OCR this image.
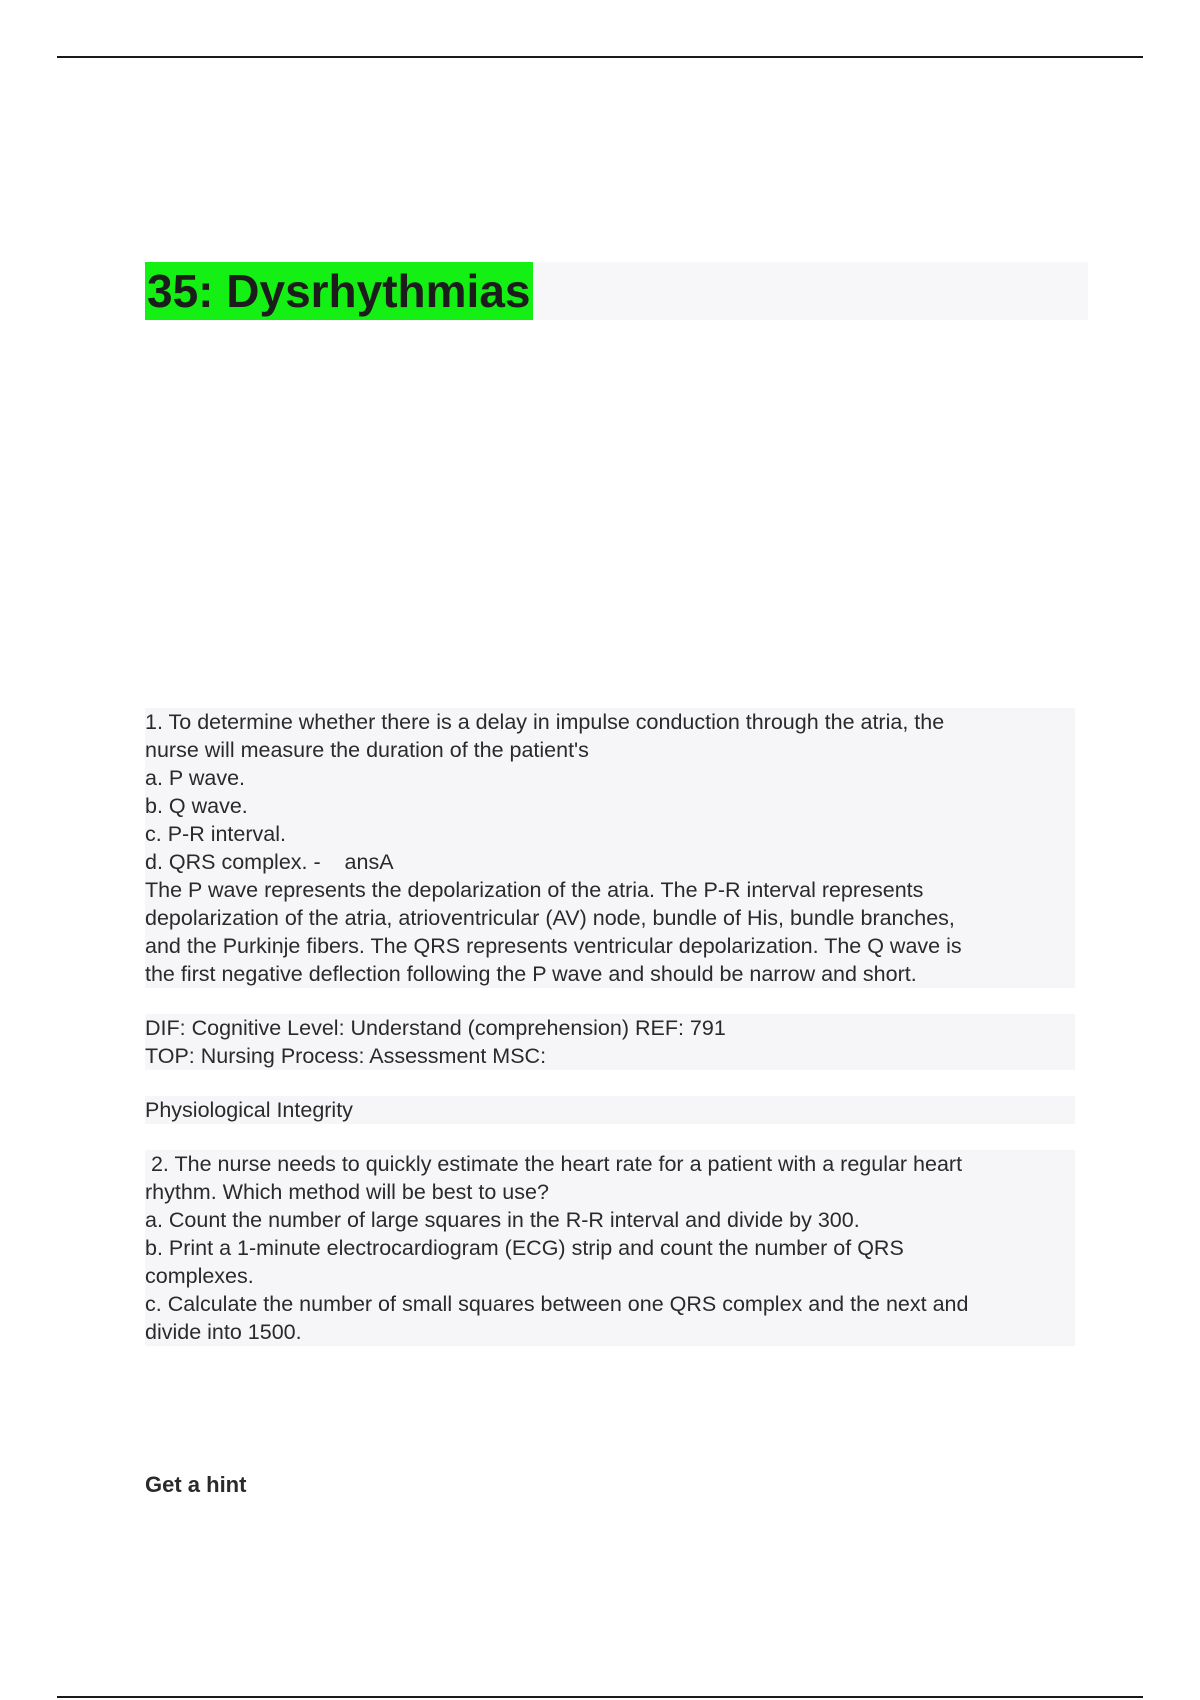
35: Dysrhythmias
1. To determine whether there is a delay in impulse conduction through the atria, the
nurse will measure the duration of the patient's
a. P wave.
b. Q wave.
c. P-R interval.
d. QRS complex. -    ansA
The P wave represents the depolarization of the atria. The P-R interval represents
depolarization of the atria, atrioventricular (AV) node, bundle of His, bundle branches,
and the Purkinje fibers. The QRS represents ventricular depolarization. The Q wave is
the first negative deflection following the P wave and should be narrow and short.
DIF: Cognitive Level: Understand (comprehension) REF: 791
TOP: Nursing Process: Assessment MSC:
Physiological Integrity
2. The nurse needs to quickly estimate the heart rate for a patient with a regular heart
rhythm. Which method will be best to use?
a. Count the number of large squares in the R-R interval and divide by 300.
b. Print a 1-minute electrocardiogram (ECG) strip and count the number of QRS
complexes.
c. Calculate the number of small squares between one QRS complex and the next and
divide into 1500.
Get a hint
